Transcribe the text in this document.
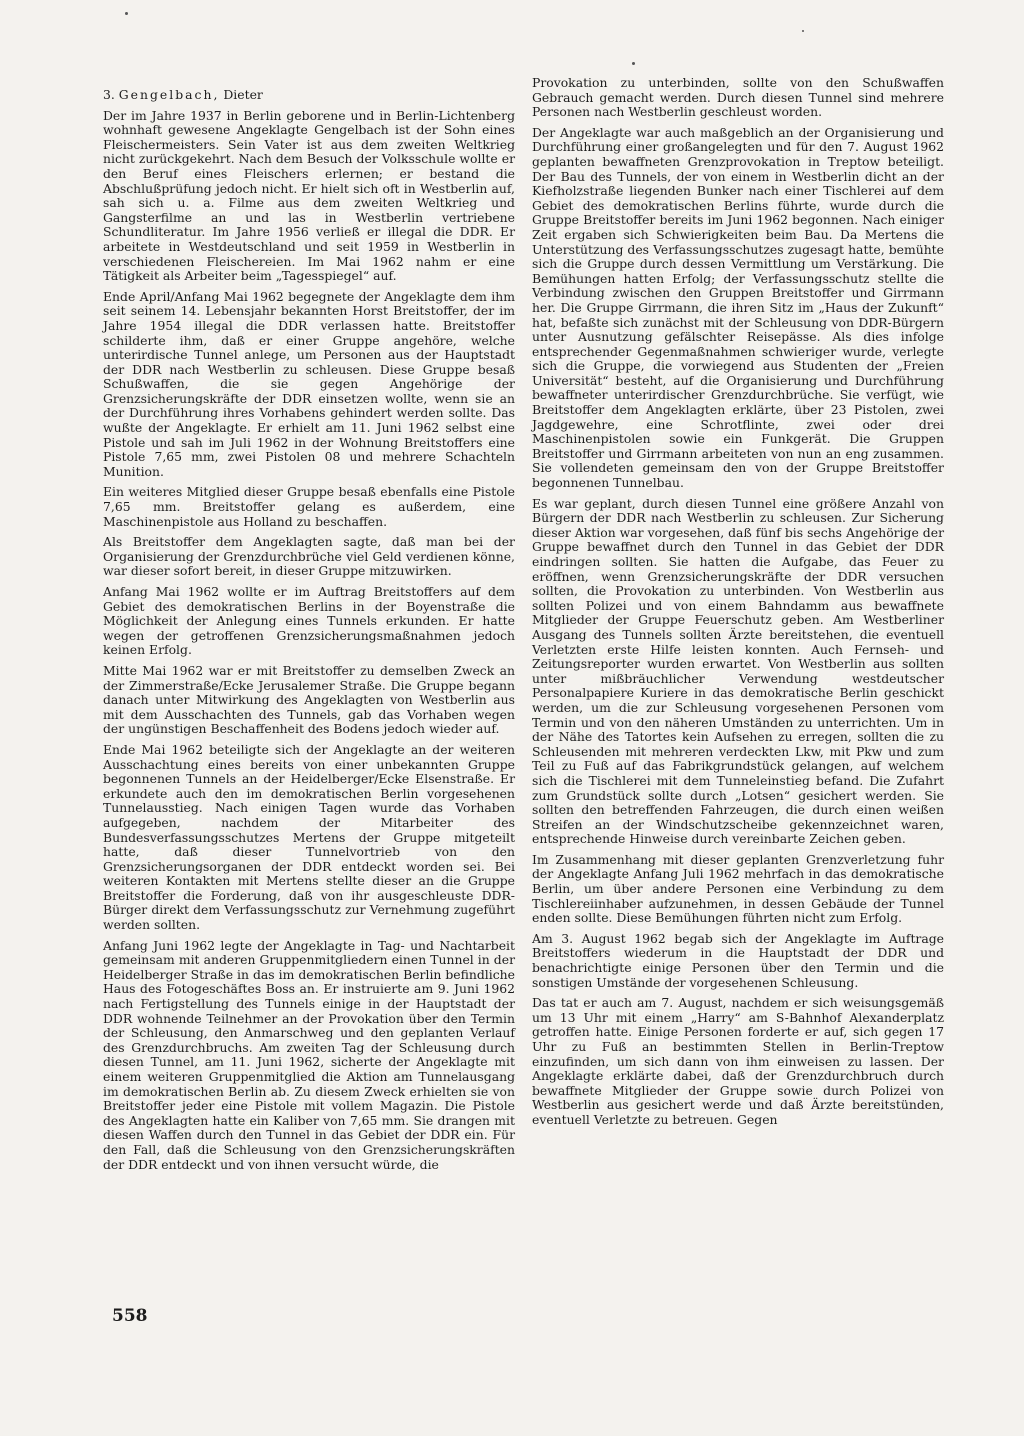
3. Gengelbach, Dieter

Der im Jahre 1937 in Berlin geborene und in Berlin-Lichtenberg wohnhaft gewesene Angeklagte Gengelbach ist der Sohn eines Fleischermeisters. Sein Vater ist aus dem zweiten Weltkrieg nicht zurückgekehrt. Nach dem Besuch der Volksschule wollte er den Beruf eines Fleischers erlernen; er bestand die Abschlußprüfung jedoch nicht. Er hielt sich oft in Westberlin auf, sah sich u. a. Filme aus dem zweiten Weltkrieg und Gangsterfilme an und las in Westberlin vertriebene Schundliteratur. Im Jahre 1956 verließ er illegal die DDR. Er arbeitete in Westdeutschland und seit 1959 in Westberlin in verschiedenen Fleischereien. Im Mai 1962 nahm er eine Tätigkeit als Arbeiter beim „Tagesspiegel“ auf.

Ende April/Anfang Mai 1962 begegnete der Angeklagte dem ihm seit seinem 14. Lebensjahr bekannten Horst Breitstoffer, der im Jahre 1954 illegal die DDR verlassen hatte. Breitstoffer schilderte ihm, daß er einer Gruppe angehöre, welche unterirdische Tunnel anlege, um Personen aus der Hauptstadt der DDR nach Westberlin zu schleusen. Diese Gruppe besaß Schußwaffen, die sie gegen Angehörige der Grenzsicherungskräfte der DDR einsetzen wollte, wenn sie an der Durchführung ihres Vorhabens gehindert werden sollte. Das wußte der Angeklagte. Er erhielt am 11. Juni 1962 selbst eine Pistole und sah im Juli 1962 in der Wohnung Breitstoffers eine Pistole 7,65 mm, zwei Pistolen 08 und mehrere Schachteln Munition.

Ein weiteres Mitglied dieser Gruppe besaß ebenfalls eine Pistole 7,65 mm. Breitstoffer gelang es außerdem, eine Maschinenpistole aus Holland zu beschaffen.

Als Breitstoffer dem Angeklagten sagte, daß man bei der Organisierung der Grenzdurchbrüche viel Geld verdienen könne, war dieser sofort bereit, in dieser Gruppe mitzuwirken.

Anfang Mai 1962 wollte er im Auftrag Breitstoffers auf dem Gebiet des demokratischen Berlins in der Boyenstraße die Möglichkeit der Anlegung eines Tunnels erkunden. Er hatte wegen der getroffenen Grenzsicherungsmaßnahmen jedoch keinen Erfolg.

Mitte Mai 1962 war er mit Breitstoffer zu demselben Zweck an der Zimmerstraße/Ecke Jerusalemer Straße. Die Gruppe begann danach unter Mitwirkung des Angeklagten von Westberlin aus mit dem Ausschachten des Tunnels, gab das Vorhaben wegen der ungünstigen Beschaffenheit des Bodens jedoch wieder auf.

Ende Mai 1962 beteiligte sich der Angeklagte an der weiteren Ausschachtung eines bereits von einer unbekannten Gruppe begonnenen Tunnels an der Heidelberger/Ecke Elsenstraße. Er erkundete auch den im demokratischen Berlin vorgesehenen Tunnelausstieg. Nach einigen Tagen wurde das Vorhaben aufgegeben, nachdem der Mitarbeiter des Bundesverfassungsschutzes Mertens der Gruppe mitgeteilt hatte, daß dieser Tunnelvortrieb von den Grenzsicherungsorganen der DDR entdeckt worden sei. Bei weiteren Kontakten mit Mertens stellte dieser an die Gruppe Breitstoffer die Forderung, daß von ihr ausgeschleuste DDR-Bürger direkt dem Verfassungsschutz zur Vernehmung zugeführt werden sollten.

Anfang Juni 1962 legte der Angeklagte in Tag- und Nachtarbeit gemeinsam mit anderen Gruppenmitgliedern einen Tunnel in der Heidelberger Straße in das im demokratischen Berlin befindliche Haus des Fotogeschäftes Boss an. Er instruierte am 9. Juni 1962 nach Fertigstellung des Tunnels einige in der Hauptstadt der DDR wohnende Teilnehmer an der Provokation über den Termin der Schleusung, den Anmarschweg und den geplanten Verlauf des Grenzdurchbruchs. Am zweiten Tag der Schleusung durch diesen Tunnel, am 11. Juni 1962, sicherte der Angeklagte mit einem weiteren Gruppenmitglied die Aktion am Tunnelausgang im demokratischen Berlin ab. Zu diesem Zweck erhielten sie von Breitstoffer jeder eine Pistole mit vollem Magazin. Die Pistole des Angeklagten hatte ein Kaliber von 7,65 mm. Sie drangen mit diesen Waffen durch den Tunnel in das Gebiet der DDR ein. Für den Fall, daß die Schleusung von den Grenzsicherungskräften der DDR entdeckt und von ihnen versucht würde, die

Provokation zu unterbinden, sollte von den Schußwaffen Gebrauch gemacht werden. Durch diesen Tunnel sind mehrere Personen nach Westberlin geschleust worden.

Der Angeklagte war auch maßgeblich an der Organisierung und Durchführung einer großangelegten und für den 7. August 1962 geplanten bewaffneten Grenzprovokation in Treptow beteiligt. Der Bau des Tunnels, der von einem in Westberlin dicht an der Kiefholzstraße liegenden Bunker nach einer Tischlerei auf dem Gebiet des demokratischen Berlins führte, wurde durch die Gruppe Breitstoffer bereits im Juni 1962 begonnen. Nach einiger Zeit ergaben sich Schwierigkeiten beim Bau. Da Mertens die Unterstützung des Verfassungsschutzes zugesagt hatte, bemühte sich die Gruppe durch dessen Vermittlung um Verstärkung. Die Bemühungen hatten Erfolg; der Verfassungsschutz stellte die Verbindung zwischen den Gruppen Breitstoffer und Girrmann her. Die Gruppe Girrmann, die ihren Sitz im „Haus der Zukunft“ hat, befaßte sich zunächst mit der Schleusung von DDR-Bürgern unter Ausnutzung gefälschter Reisepässe. Als dies infolge entsprechender Gegenmaßnahmen schwieriger wurde, verlegte sich die Gruppe, die vorwiegend aus Studenten der „Freien Universität“ besteht, auf die Organisierung und Durchführung bewaffneter unterirdischer Grenzdurchbrüche. Sie verfügt, wie Breitstoffer dem Angeklagten erklärte, über 23 Pistolen, zwei Jagdgewehre, eine Schrotflinte, zwei oder drei Maschinenpistolen sowie ein Funkgerät. Die Gruppen Breitstoffer und Girrmann arbeiteten von nun an eng zusammen. Sie vollendeten gemeinsam den von der Gruppe Breitstoffer begonnenen Tunnelbau.

Es war geplant, durch diesen Tunnel eine größere Anzahl von Bürgern der DDR nach Westberlin zu schleusen. Zur Sicherung dieser Aktion war vorgesehen, daß fünf bis sechs Angehörige der Gruppe bewaffnet durch den Tunnel in das Gebiet der DDR eindringen sollten. Sie hatten die Aufgabe, das Feuer zu eröffnen, wenn Grenzsicherungskräfte der DDR versuchen sollten, die Provokation zu unterbinden. Von Westberlin aus sollten Polizei und von einem Bahndamm aus bewaffnete Mitglieder der Gruppe Feuerschutz geben. Am Westberliner Ausgang des Tunnels sollten Ärzte bereitstehen, die eventuell Verletzten erste Hilfe leisten konnten. Auch Fernseh- und Zeitungsreporter wurden erwartet. Von Westberlin aus sollten unter mißbräuchlicher Verwendung westdeutscher Personalpapiere Kuriere in das demokratische Berlin geschickt werden, um die zur Schleusung vorgesehenen Personen vom Termin und von den näheren Umständen zu unterrichten. Um in der Nähe des Tatortes kein Aufsehen zu erregen, sollten die zu Schleusenden mit mehreren verdeckten Lkw, mit Pkw und zum Teil zu Fuß auf das Fabrikgrundstück gelangen, auf welchem sich die Tischlerei mit dem Tunneleinstieg befand. Die Zufahrt zum Grundstück sollte durch „Lotsen“ gesichert werden. Sie sollten den betreffenden Fahrzeugen, die durch einen weißen Streifen an der Windschutzscheibe gekennzeichnet waren, entsprechende Hinweise durch vereinbarte Zeichen geben.

Im Zusammenhang mit dieser geplanten Grenzverletzung fuhr der Angeklagte Anfang Juli 1962 mehrfach in das demokratische Berlin, um über andere Personen eine Verbindung zu dem Tischlereiinhaber aufzunehmen, in dessen Gebäude der Tunnel enden sollte. Diese Bemühungen führten nicht zum Erfolg.

Am 3. August 1962 begab sich der Angeklagte im Auftrage Breitstoffers wiederum in die Hauptstadt der DDR und benachrichtigte einige Personen über den Termin und die sonstigen Umstände der vorgesehenen Schleusung.

Das tat er auch am 7. August, nachdem er sich weisungsgemäß um 13 Uhr mit einem „Harry“ am S-Bahnhof Alexanderplatz getroffen hatte. Einige Personen forderte er auf, sich gegen 17 Uhr zu Fuß an bestimmten Stellen in Berlin-Treptow einzufinden, um sich dann von ihm einweisen zu lassen. Der Angeklagte erklärte dabei, daß der Grenzdurchbruch durch bewaffnete Mitglieder der Gruppe sowie durch Polizei von Westberlin aus gesichert werde und daß Ärzte bereitstünden, eventuell Verletzte zu betreuen. Gegen

558
